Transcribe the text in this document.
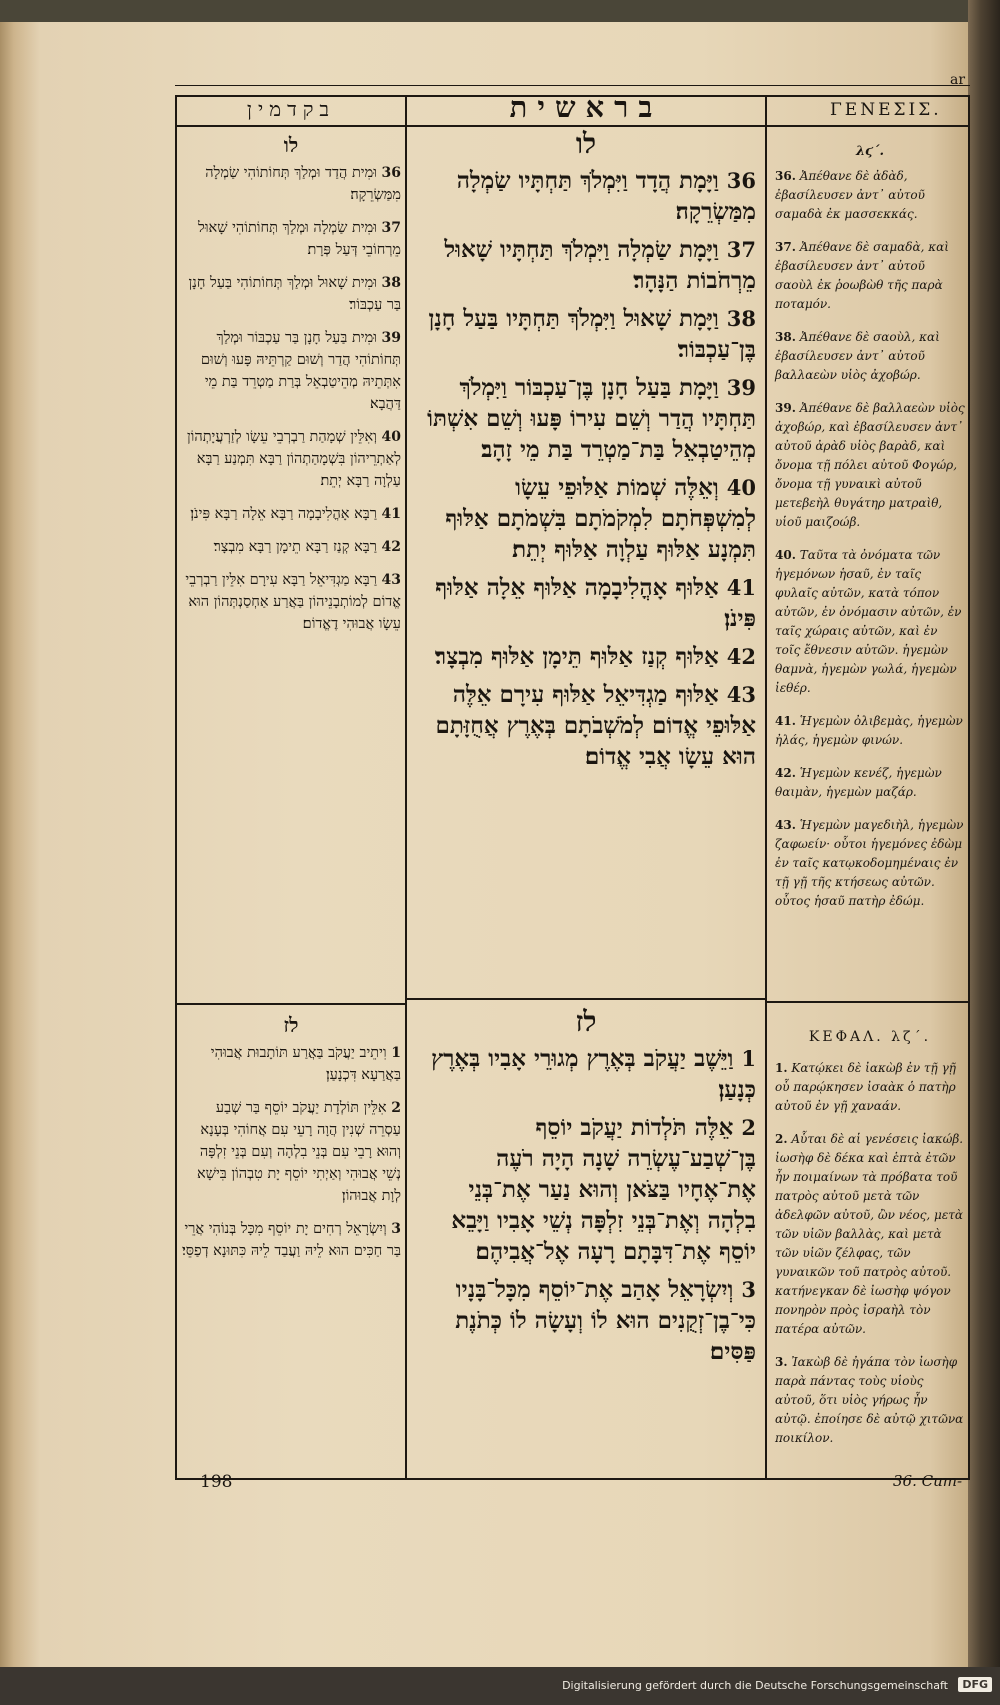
ar
בקדמין	בראשית	ΓΕΝΕΣΙΣ.
לו
36 וּמִית הֲדַד וּמְלַךְ תְּחוֹתוֹהִי שַׂמְלָה מִמַּשְׂרֵקָה׃
37 וּמִית שַׂמְלָה וּמְלַךְ תְּחוֹתוֹהִי שָׁאוּל מֵרְחוֹבֵי דְּעַל פְּרָת׃
38 וּמִית שָׁאוּל וּמְלַךְ תְּחוֹתוֹהִי בַּעַל חָנָן בַּר עַכְבּוֹר׃
39 וּמִית בַּעַל חָנָן בַּר עַכְבּוֹר וּמְלַךְ תְּחוֹתוֹהִי הֲדַר וְשׁוּם קַרְתֵּיהּ פָּעוּ וְשׁוּם אִתְּתֵיהּ מְהֵיטַבְאֵל בְּרַת מַטְרֵד בַּת מֵי דַּהֲבָא׃
40 וְאִלֵּין שְׁמָהַת רַבְרְבֵי עֵשָׂו לְזַרְעֲיָתְהוֹן לְאַתְרֵיהוֹן בִּשְׁמָהַתְהוֹן רַבָּא תִּמְנַע רַבָּא עַלְוָה רַבָּא יְתֵת׃
41 רַבָּא אָהֳלִיבָמָה רַבָּא אֵלָה רַבָּא פִּינֹן׃
42 רַבָּא קְנַז רַבָּא תֵימָן רַבָּא מִבְצָר׃
43 רַבָּא מַגְדִּיאֵל רַבָּא עִירָם אִלֵּין רַבְרְבֵי אֱדוֹם לְמוֹתְבָנֵיהוֹן בַּאֲרַע אַחְסַנְתְּהוֹן הוּא עֵשָׂו אֲבוּהִי דֶאֱדוֹם׃
לז
1 וִיתֵיב יַעֲקֹב בַּאֲרַע תּוֹתָבוּת אֲבוּהִי בַּאֲרַעָא דִּכְנָעַן׃
2 אִלֵּין תּוֹלְדָת יַעֲקֹב יוֹסֵף בַּר שְׁבַע עַסְרֵה שְׁנִין הֲוָה רָעֵי עִם אֲחוֹהִי בְּעָנָא וְהוּא רָבֵי עִם בְּנֵי בִלְהָה וְעִם בְּנֵי זִלְפָּה נְשֵׁי אֲבוּהִי וְאַיְתִי יוֹסֵף יָת טִבְהוֹן בִּישָׁא לְוָת אֲבוּהוֹן׃
3 וְיִשְׂרָאֵל רְחִים יָת יוֹסֵף מִכָּל בְּנוֹהִי אֲרֵי בַּר חַכִּים הוּא לֵיהּ וַעֲבַד לֵיהּ כִּתּוּנָא דְפַסֵּי׃
לו
36 וַיָּמָת הֲדָד וַיִּמְלֹךְ תַּחְתָּיו שַׂמְלָה מִמַּשְׂרֵקָה׃
37 וַיָּמָת שַׂמְלָה וַיִּמְלֹךְ תַּחְתָּיו שָׁאוּל מֵרְחֹבוֹת הַנָּהָר׃
38 וַיָּמָת שָׁאוּל וַיִּמְלֹךְ תַּחְתָּיו בַּעַל חָנָן בֶּן־עַכְבּוֹר׃
39 וַיָּמָת בַּעַל חָנָן בֶּן־עַכְבּוֹר וַיִּמְלֹךְ תַּחְתָּיו הֲדַר וְשֵׁם עִירוֹ פָּעוּ וְשֵׁם אִשְׁתּוֹ מְהֵיטַבְאֵל בַּת־מַטְרֵד בַּת מֵי זָהָב׃
40 וְאֵלֶּה שְׁמוֹת אַלּוּפֵי עֵשָׂו לְמִשְׁפְּחֹתָם לִמְקֹמֹתָם בִּשְׁמֹתָם אַלּוּף תִּמְנָע אַלּוּף עַלְוָה אַלּוּף יְתֵת׃
41 אַלּוּף אָהֳלִיבָמָה אַלּוּף אֵלָה אַלּוּף פִּינֹן׃
42 אַלּוּף קְנַז אַלּוּף תֵּימָן אַלּוּף מִבְצָר׃
43 אַלּוּף מַגְדִּיאֵל אַלּוּף עִירָם אֵלֶּה אַלּוּפֵי אֱדוֹם לְמֹשְׁבֹתָם בְּאֶרֶץ אֲחֻזָּתָם הוּא עֵשָׂו אֲבִי אֱדוֹם׃
לז
1 וַיֵּשֶׁב יַעֲקֹב בְּאֶרֶץ מְגוּרֵי אָבִיו בְּאֶרֶץ כְּנָעַן׃
2 אֵלֶּה תֹּלְדוֹת יַעֲקֹב יוֹסֵף בֶּן־שְׁבַע־עֶשְׂרֵה שָׁנָה הָיָה רֹעֶה אֶת־אֶחָיו בַּצֹּאן וְהוּא נַעַר אֶת־בְּנֵי בִלְהָה וְאֶת־בְּנֵי זִלְפָּה נְשֵׁי אָבִיו וַיָּבֵא יוֹסֵף אֶת־דִּבָּתָם רָעָה אֶל־אֲבִיהֶם׃
3 וְיִשְׂרָאֵל אָהַב אֶת־יוֹסֵף מִכָּל־בָּנָיו כִּי־בֶן־זְקֻנִים הוּא לוֹ וְעָשָׂה לוֹ כְּתֹנֶת פַּסִּים׃
λϛ΄.
36. Ἀπέθανε δὲ ἀδὰδ, ἐβασίλευσεν ἀντ᾽ αὐτοῦ σαμαδὰ ἐκ μασσεκκάς.
37. Ἀπέθανε δὲ σαμαδὰ, καὶ ἐβασίλευσεν ἀντ᾽ αὐτοῦ σαοὺλ ἐκ ῥοωβὼθ τῆς παρὰ ποταμόν.
38. Ἀπέθανε δὲ σαοὺλ, καὶ ἐβασίλευσεν ἀντ᾽ αὐτοῦ βαλλαεὼν υἱὸς ἀχοβώρ.
39. Ἀπέθανε δὲ βαλλαεὼν υἱὸς ἀχοβώρ, καὶ ἐβασίλευσεν ἀντ᾽ αὐτοῦ ἀρὰδ υἱὸς βαρὰδ, καὶ ὄνομα τῇ πόλει αὐτοῦ Φογώρ, ὄνομα τῇ γυναικὶ αὐτοῦ μετεβεὴλ θυγάτηρ ματραὶθ, υἱοῦ μαιζοώβ.
40. Ταῦτα τὰ ὀνόματα τῶν ἡγεμόνων ἡσαῦ, ἐν ταῖς φυλαῖς αὐτῶν, κατὰ τόπον αὐτῶν, ἐν ὀνόμασιν αὐτῶν, ἐν ταῖς χώραις αὐτῶν, καὶ ἐν τοῖς ἔθνεσιν αὐτῶν. ἡγεμὼν θαμνὰ, ἡγεμὼν γωλά, ἡγεμὼν ἰεθέρ.
41. Ἡγεμὼν ὀλιβεμὰς, ἡγεμὼν ἠλάς, ἡγεμὼν φινών.
42. Ἡγεμὼν κενέζ, ἡγεμὼν θαιμὰν, ἡγεμὼν μαζάρ.
43. Ἡγεμὼν μαγεδιὴλ, ἡγεμὼν ζαφωείν· οὗτοι ἡγεμόνες ἐδὼμ ἐν ταῖς κατῳκοδομημέναις ἐν τῇ γῇ τῆς κτήσεως αὐτῶν. οὗτος ἡσαῦ πατὴρ ἐδώμ.
ΚΕΦΑΛ. λζ΄.
1. Κατῴκει δὲ ἰακὼβ ἐν τῇ γῇ οὗ παρῴκησεν ἰσαὰκ ὁ πατὴρ αὐτοῦ ἐν γῇ χαναάν.
2. Αὗται δὲ αἱ γενέσεις ἰακώβ. ἰωσὴφ δὲ δέκα καὶ ἑπτὰ ἐτῶν ἦν ποιμαίνων τὰ πρόβατα τοῦ πατρὸς αὐτοῦ μετὰ τῶν ἀδελφῶν αὐτοῦ, ὢν νέος, μετὰ τῶν υἱῶν βαλλὰς, καὶ μετὰ τῶν υἱῶν ζέλφας, τῶν γυναικῶν τοῦ πατρὸς αὐτοῦ. κατήνεγκαν δὲ ἰωσὴφ ψόγον πονηρὸν πρὸς ἰσραὴλ τὸν πατέρα αὐτῶν.
3. Ἰακὼβ δὲ ἠγάπα τὸν ἰωσὴφ παρὰ πάντας τοὺς υἱοὺς αὐτοῦ, ὅτι υἱὸς γήρως ἦν αὐτῷ. ἐποίησε δὲ αὐτῷ χιτῶνα ποικίλον.
198	36. Cum-
Digitalisierung gefördert durch die Deutsche Forschungsgemeinschaft	DFG
